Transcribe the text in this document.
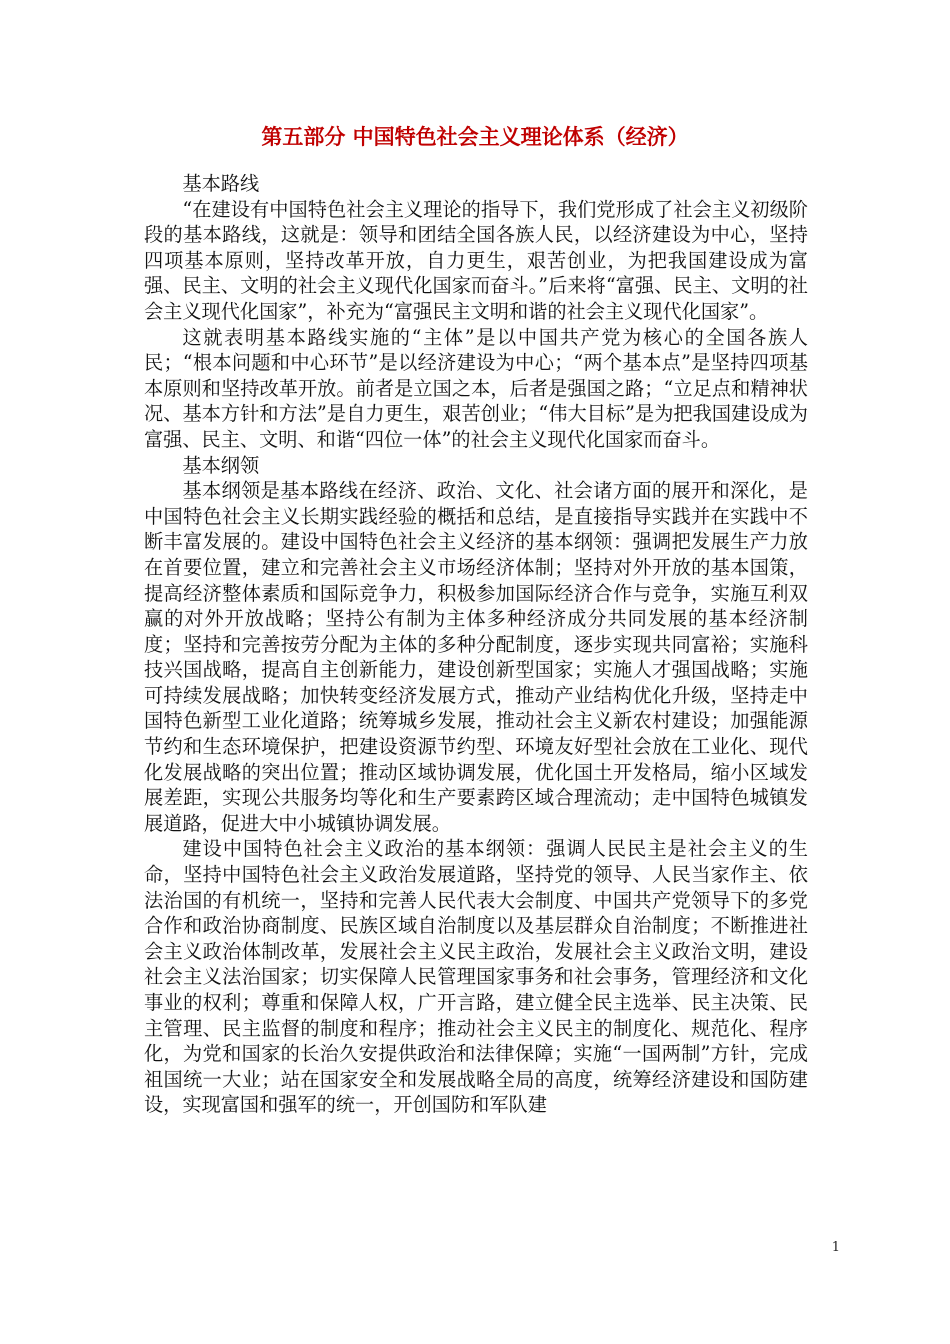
第五部分 中国特色社会主义理论体系（经济）

基本路线

“在建设有中国特色社会主义理论的指导下，我们党形成了社会主义初级阶段的基本路线，这就是：领导和团结全国各族人民，以经济建设为中心，坚持四项基本原则，坚持改革开放，自力更生，艰苦创业，为把我国建设成为富强、民主、文明的社会主义现代化国家而奋斗。”后来将“富强、民主、文明的社会主义现代化国家”，补充为“富强民主文明和谐的社会主义现代化国家”。

这就表明基本路线实施的“主体”是以中国共产党为核心的全国各族人民；“根本问题和中心环节”是以经济建设为中心；“两个基本点”是坚持四项基本原则和坚持改革开放。前者是立国之本，后者是强国之路；“立足点和精神状况、基本方针和方法”是自力更生，艰苦创业；“伟大目标”是为把我国建设成为富强、民主、文明、和谐“四位一体”的社会主义现代化国家而奋斗。

基本纲领

基本纲领是基本路线在经济、政治、文化、社会诸方面的展开和深化，是中国特色社会主义长期实践经验的概括和总结，是直接指导实践并在实践中不断丰富发展的。建设中国特色社会主义经济的基本纲领：强调把发展生产力放在首要位置，建立和完善社会主义市场经济体制；坚持对外开放的基本国策，提高经济整体素质和国际竞争力，积极参加国际经济合作与竞争，实施互利双赢的对外开放战略；坚持公有制为主体多种经济成分共同发展的基本经济制度；坚持和完善按劳分配为主体的多种分配制度，逐步实现共同富裕；实施科技兴国战略，提高自主创新能力，建设创新型国家；实施人才强国战略；实施可持续发展战略；加快转变经济发展方式，推动产业结构优化升级，坚持走中国特色新型工业化道路；统筹城乡发展，推动社会主义新农村建设；加强能源节约和生态环境保护，把建设资源节约型、环境友好型社会放在工业化、现代化发展战略的突出位置；推动区域协调发展，优化国土开发格局，缩小区域发展差距，实现公共服务均等化和生产要素跨区域合理流动；走中国特色城镇发展道路，促进大中小城镇协调发展。

建设中国特色社会主义政治的基本纲领：强调人民民主是社会主义的生命，坚持中国特色社会主义政治发展道路，坚持党的领导、人民当家作主、依法治国的有机统一，坚持和完善人民代表大会制度、中国共产党领导下的多党合作和政治协商制度、民族区域自治制度以及基层群众自治制度；不断推进社会主义政治体制改革，发展社会主义民主政治，发展社会主义政治文明，建设社会主义法治国家；切实保障人民管理国家事务和社会事务，管理经济和文化事业的权利；尊重和保障人权，广开言路，建立健全民主选举、民主决策、民主管理、民主监督的制度和程序；推动社会主义民主的制度化、规范化、程序化，为党和国家的长治久安提供政治和法律保障；实施“一国两制”方针，完成祖国统一大业；站在国家安全和发展战略全局的高度，统筹经济建设和国防建设，实现富国和强军的统一，开创国防和军队建

1
